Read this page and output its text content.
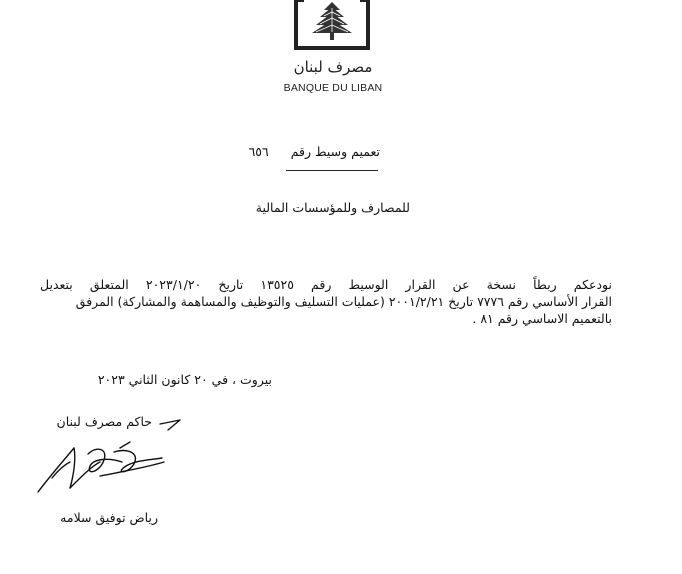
مصرف لبنان
BANQUE DU LIBAN
تعميم وسيط رقم ٦٥٦
للمصارف وللمؤسسات المالية
نودعكم ربطاً نسخة عن القرار الوسيط رقم ١٣٥٢٥ تاريخ ٢٠٢٣/١/٢٠ المتعلق بتعديل
القرار الأساسي رقم ٧٧٧٦ تاريخ ٢٠٠١/٢/٢١ (عمليات التسليف والتوظيف والمساهمة والمشاركة) المرفق
بالتعميم الاساسي رقم ٨١ .
بيروت ، في ٢٠ كانون الثاني ٢٠٢٣
حاكم مصرف لبنان
رياض توفيق سلامه
